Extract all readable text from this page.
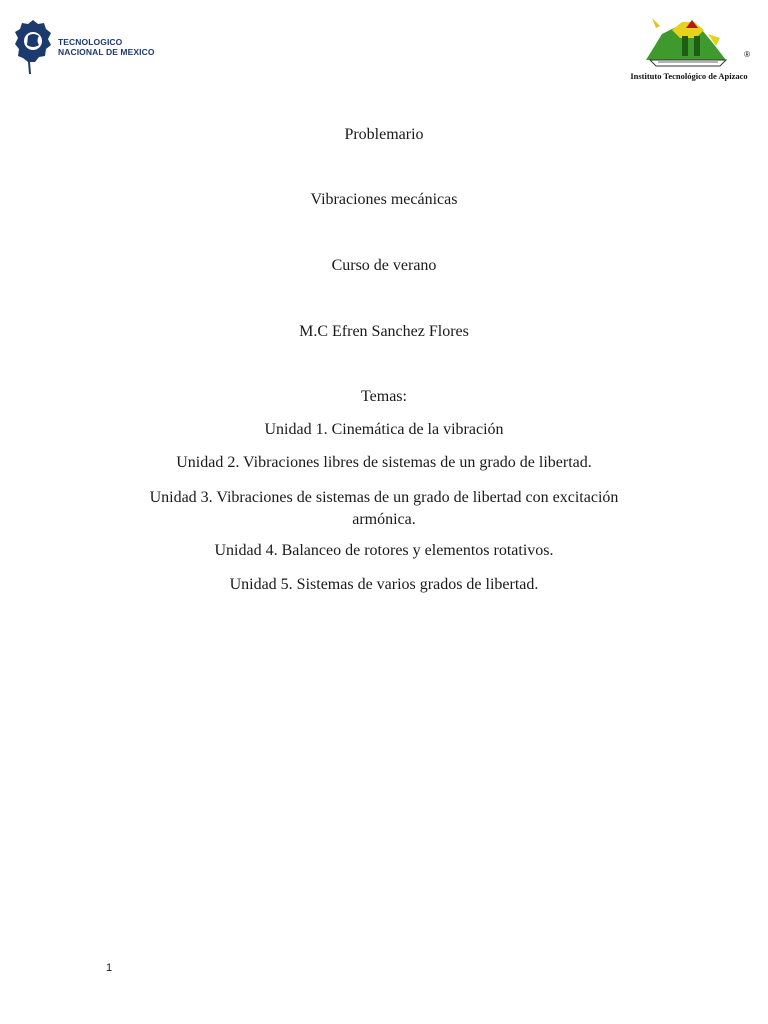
TECNOLOGICO
NACIONAL DE MEXICO	®
Instituto Tecnológico de Apizaco
Problemario
Vibraciones mecánicas
Curso de verano
M.C Efren Sanchez Flores
Temas:
Unidad 1. Cinemática de la vibración
Unidad 2. Vibraciones libres de sistemas de un grado de libertad.
Unidad 3. Vibraciones de sistemas de un grado de libertad con excitación armónica.
Unidad 4. Balanceo de rotores y elementos rotativos.
Unidad 5. Sistemas de varios grados de libertad.
1
